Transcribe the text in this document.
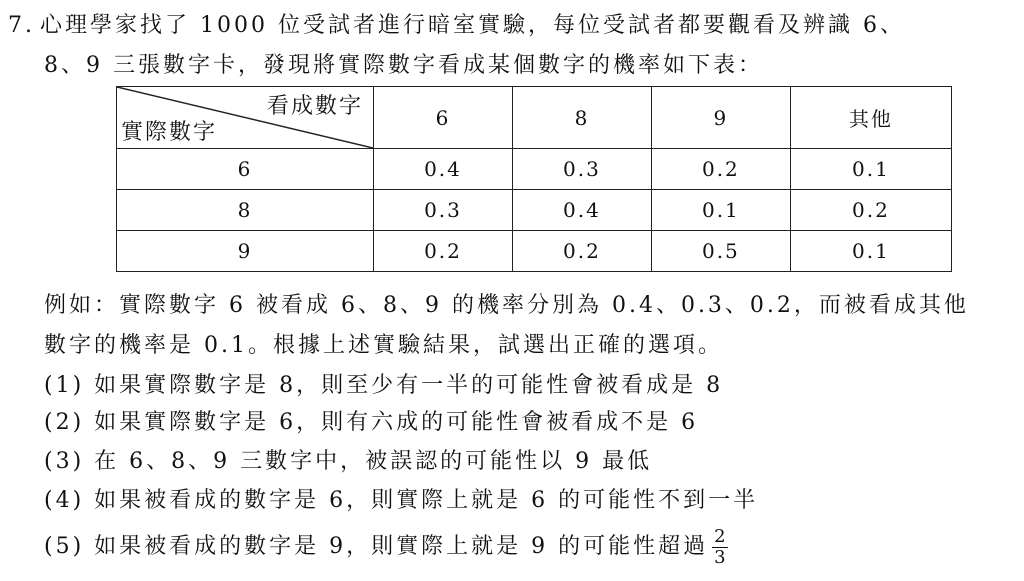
7. 心理學家找了 1000 位受試者進行暗室實驗，每位受試者都要觀看及辨識 6、
8、9 三張數字卡，發現將實際數字看成某個數字的機率如下表：
看成數字
實際數字	6	8	9	其他
6	0.4	0.3	0.2	0.1
8	0.3	0.4	0.1	0.2
9	0.2	0.2	0.5	0.1
例如：實際數字 6 被看成 6、8、9 的機率分別為 0.4、0.3、0.2，而被看成其他
數字的機率是 0.1。根據上述實驗結果，試選出正確的選項。
(1) 如果實際數字是 8，則至少有一半的可能性會被看成是 8
(2) 如果實際數字是 6，則有六成的可能性會被看成不是 6
(3) 在 6、8、9 三數字中，被誤認的可能性以 9 最低
(4) 如果被看成的數字是 6，則實際上就是 6 的可能性不到一半
(5) 如果被看成的數字是 9，則實際上就是 9 的可能性超過 $\frac{2}{3}$
